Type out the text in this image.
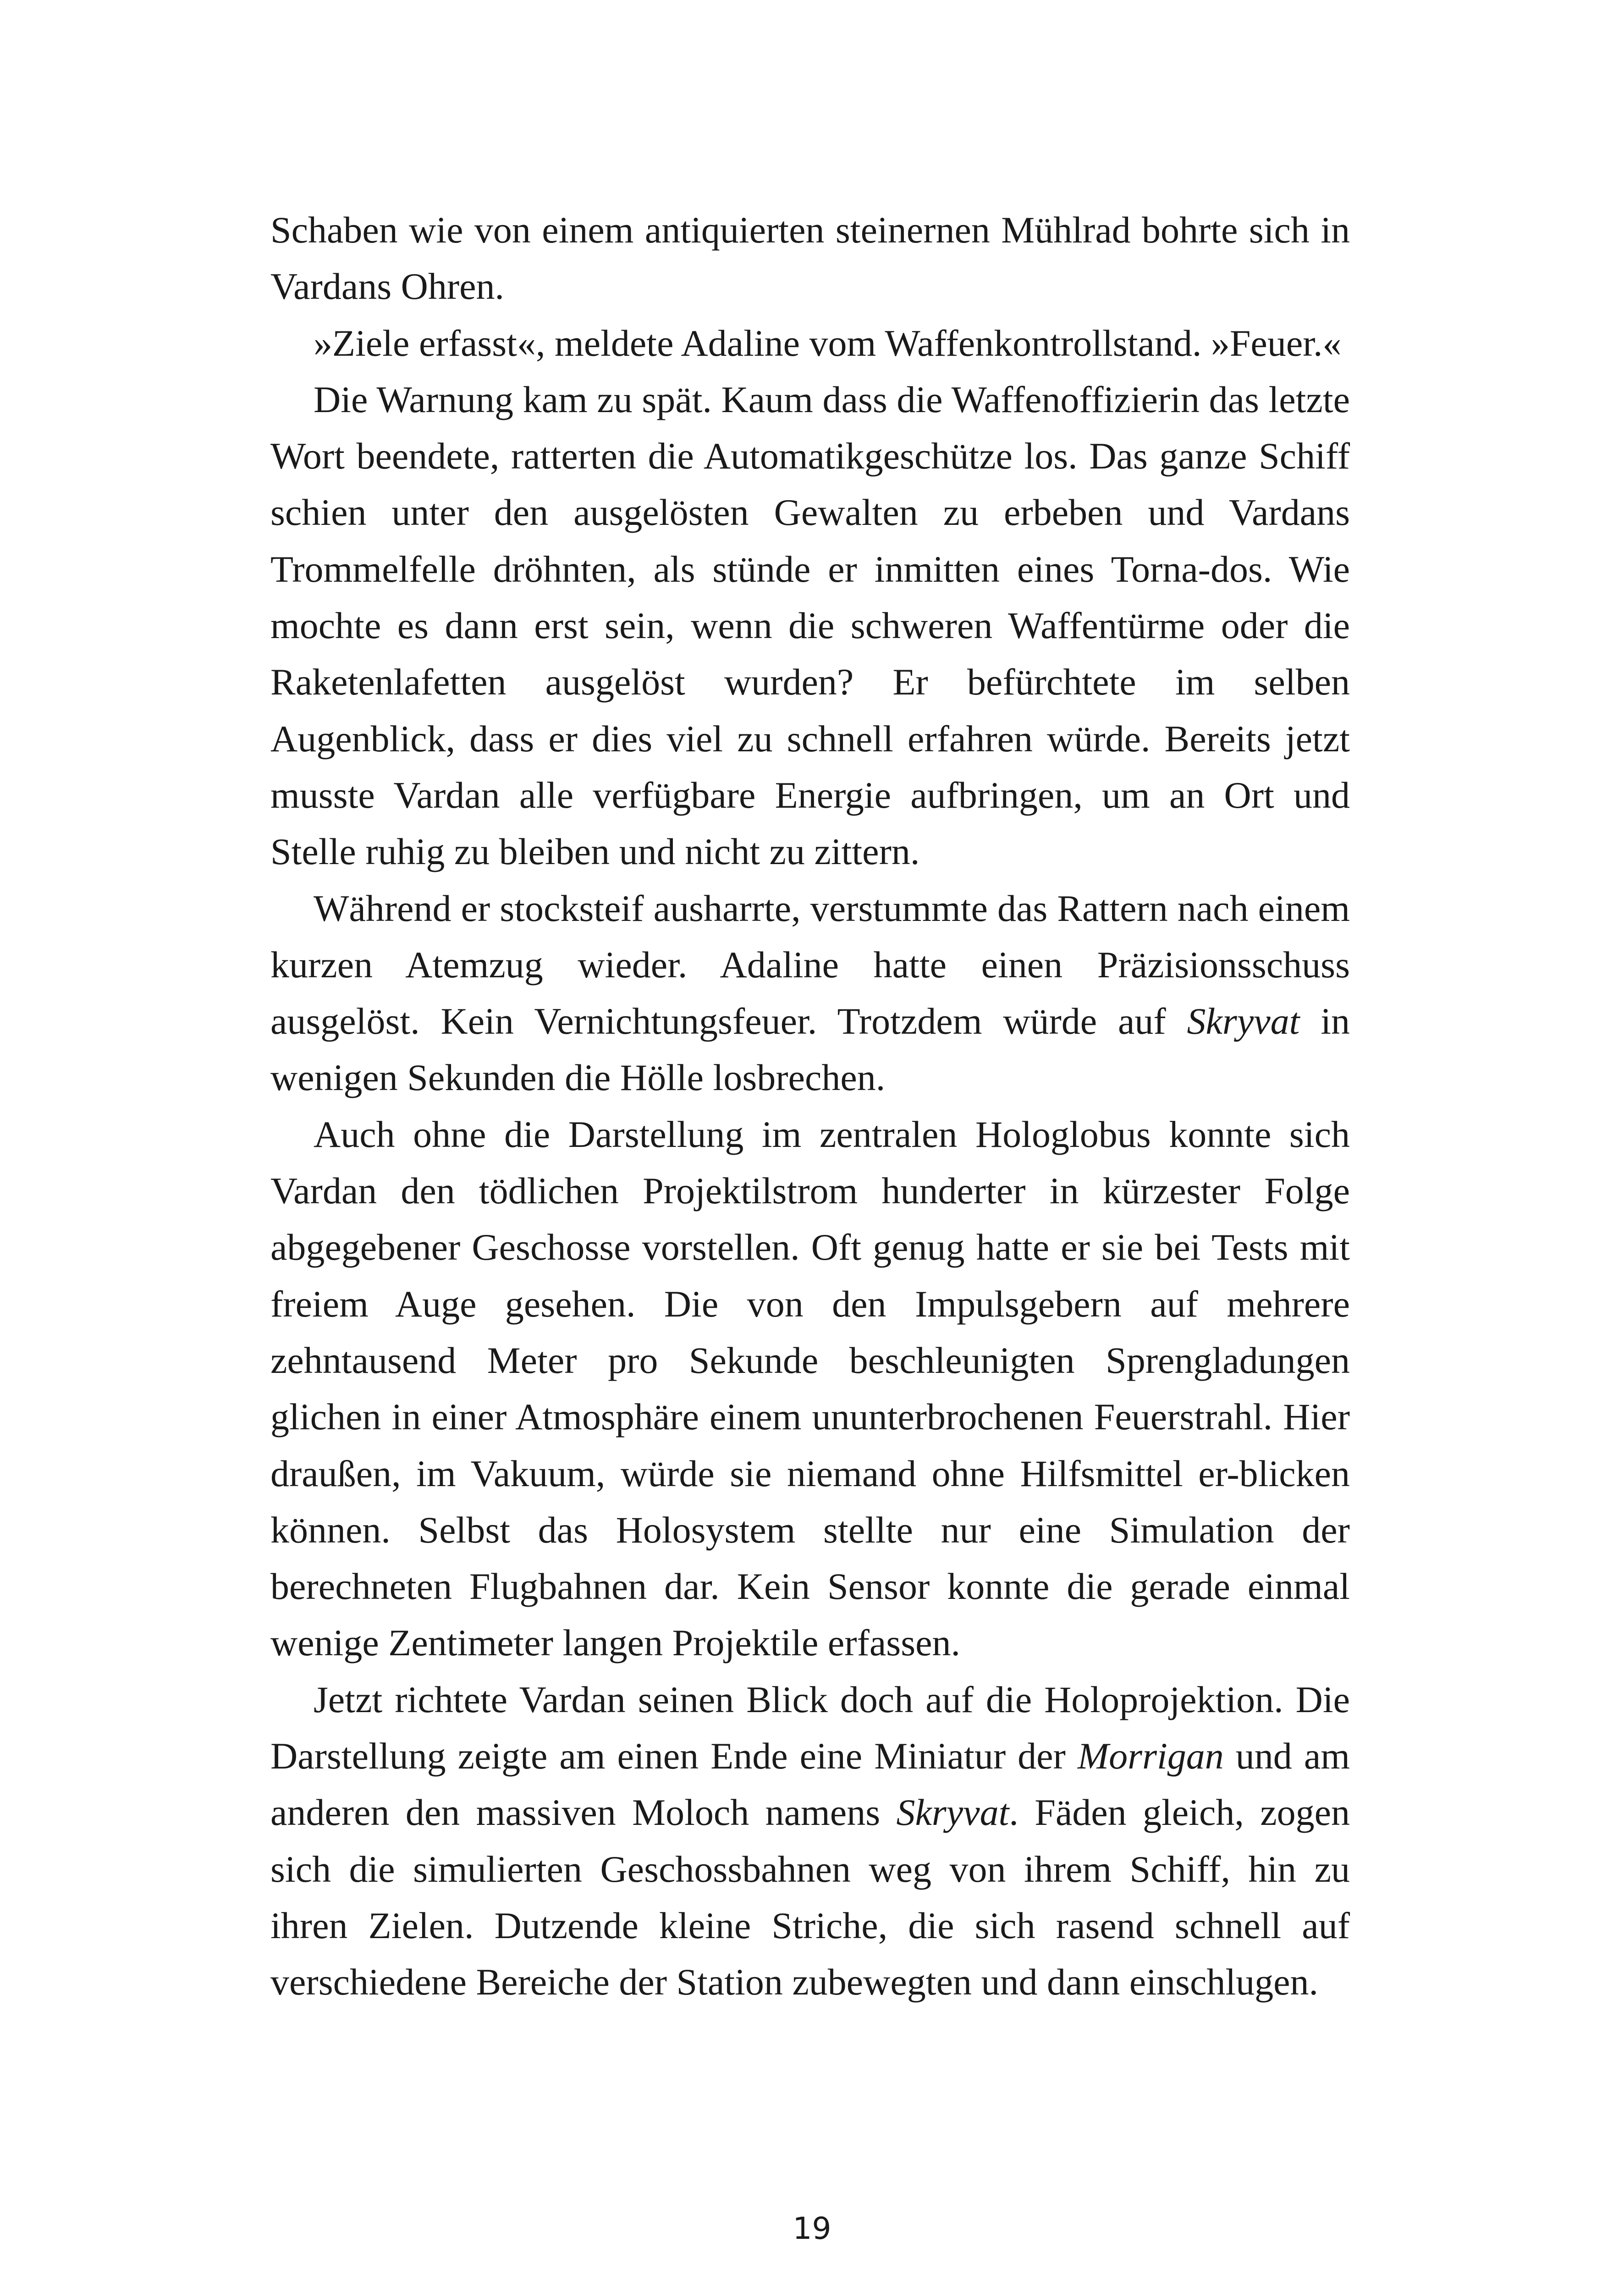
Schaben wie von einem antiquierten steinernen Mühlrad bohrte sich in Vardans Ohren.

»Ziele erfasst«, meldete Adaline vom Waffenkontrollstand. »Feuer.«

Die Warnung kam zu spät. Kaum dass die Waffenoffizierin das letzte Wort beendete, ratterten die Automatikgeschütze los. Das ganze Schiff schien unter den ausgelösten Gewalten zu erbeben und Vardans Trommelfelle dröhnten, als stünde er inmitten eines Torna-dos. Wie mochte es dann erst sein, wenn die schweren Waffentürme oder die Raketenlafetten ausgelöst wurden? Er befürchtete im selben Augenblick, dass er dies viel zu schnell erfahren würde. Bereits jetzt musste Vardan alle verfügbare Energie aufbringen, um an Ort und Stelle ruhig zu bleiben und nicht zu zittern.

Während er stocksteif ausharrte, verstummte das Rattern nach einem kurzen Atemzug wieder. Adaline hatte einen Präzisionsschuss ausgelöst. Kein Vernichtungsfeuer. Trotzdem würde auf Skryvat in wenigen Sekunden die Hölle losbrechen.

Auch ohne die Darstellung im zentralen Hologlobus konnte sich Vardan den tödlichen Projektilstrom hunderter in kürzester Folge abgegebener Geschosse vorstellen. Oft genug hatte er sie bei Tests mit freiem Auge gesehen. Die von den Impulsgebern auf mehrere zehntausend Meter pro Sekunde beschleunigten Sprengladungen glichen in einer Atmosphäre einem ununterbrochenen Feuerstrahl. Hier draußen, im Vakuum, würde sie niemand ohne Hilfsmittel er-blicken können. Selbst das Holosystem stellte nur eine Simulation der berechneten Flugbahnen dar. Kein Sensor konnte die gerade einmal wenige Zentimeter langen Projektile erfassen.

Jetzt richtete Vardan seinen Blick doch auf die Holoprojektion. Die Darstellung zeigte am einen Ende eine Miniatur der Morrigan und am anderen den massiven Moloch namens Skryvat. Fäden gleich, zogen sich die simulierten Geschossbahnen weg von ihrem Schiff, hin zu ihren Zielen. Dutzende kleine Striche, die sich rasend schnell auf verschiedene Bereiche der Station zubewegten und dann einschlugen.

19
